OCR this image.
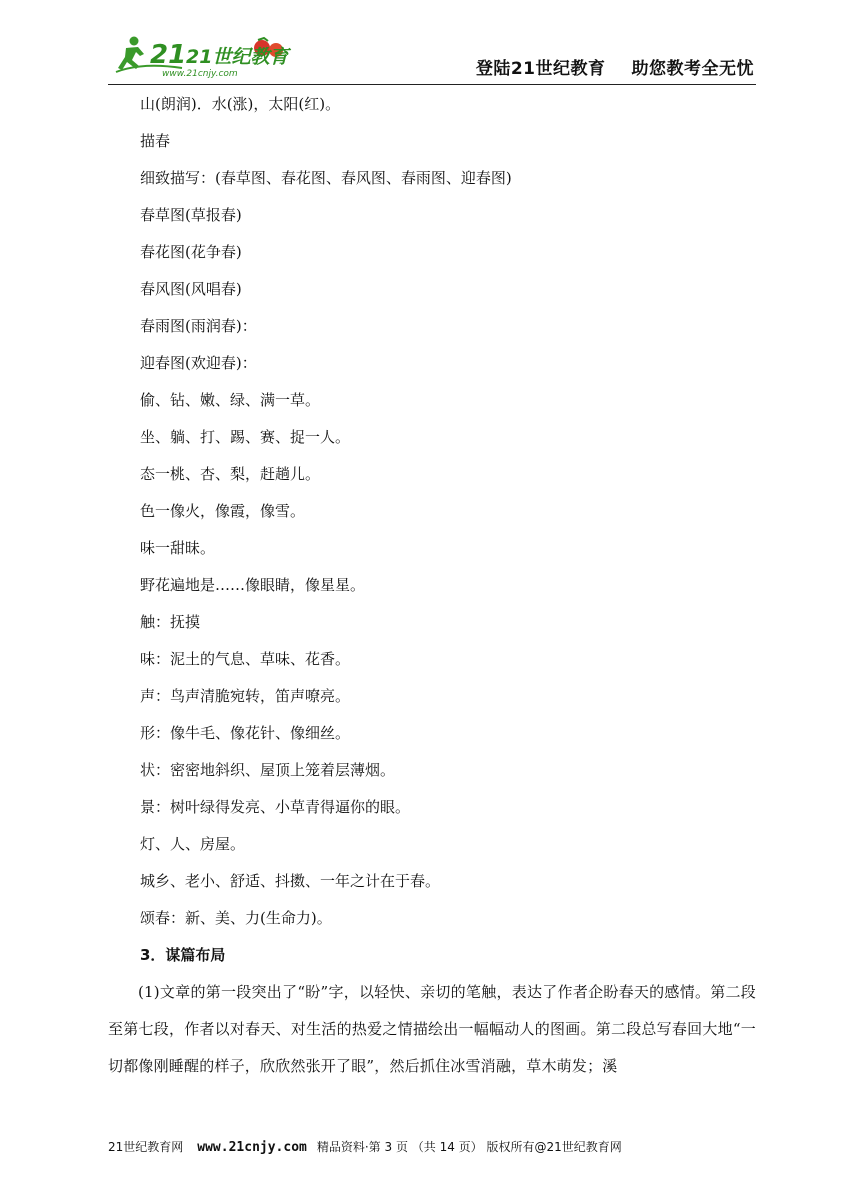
21 21世纪教育
www.21cnjy.com	登陆21世纪教育 助您教考全无忧
山(朗润)．水(涨)，太阳(红)。
描春
细致描写：(春草图、春花图、春风图、春雨图、迎春图)
春草图(草报春)
春花图(花争春)
春风图(风唱春)
春雨图(雨润春)：
迎春图(欢迎春)：
偷、钻、嫩、绿、满一草。
坐、躺、打、踢、赛、捉一人。
态一桃、杏、梨，赶趟儿。
色一像火，像霞，像雪。
味一甜昧。
野花遍地是……像眼睛，像星星。
触：抚摸
味：泥土的气息、草味、花香。
声：鸟声清脆宛转，笛声嘹亮。
形：像牛毛、像花针、像细丝。
状：密密地斜织、屋顶上笼着层薄烟。
景：树叶绿得发亮、小草青得逼你的眼。
灯、人、房屋。
城乡、老小、舒适、抖擞、一年之计在于春。
颂春：新、美、力(生命力)。
3．谋篇布局
(1)文章的第一段突出了“盼”字，以轻快、亲切的笔触，表达了作者企盼春天的感情。第二段至第七段，作者以对春天、对生活的热爱之情描绘出一幅幅动人的图画。第二段总写春回大地“一切都像刚睡醒的样子，欣欣然张开了眼”，然后抓住冰雪消融，草木萌发；溪
21世纪教育网 www.21cnjy.com 精品资料·第 3 页 （共 14 页） 版权所有@21世纪教育网
